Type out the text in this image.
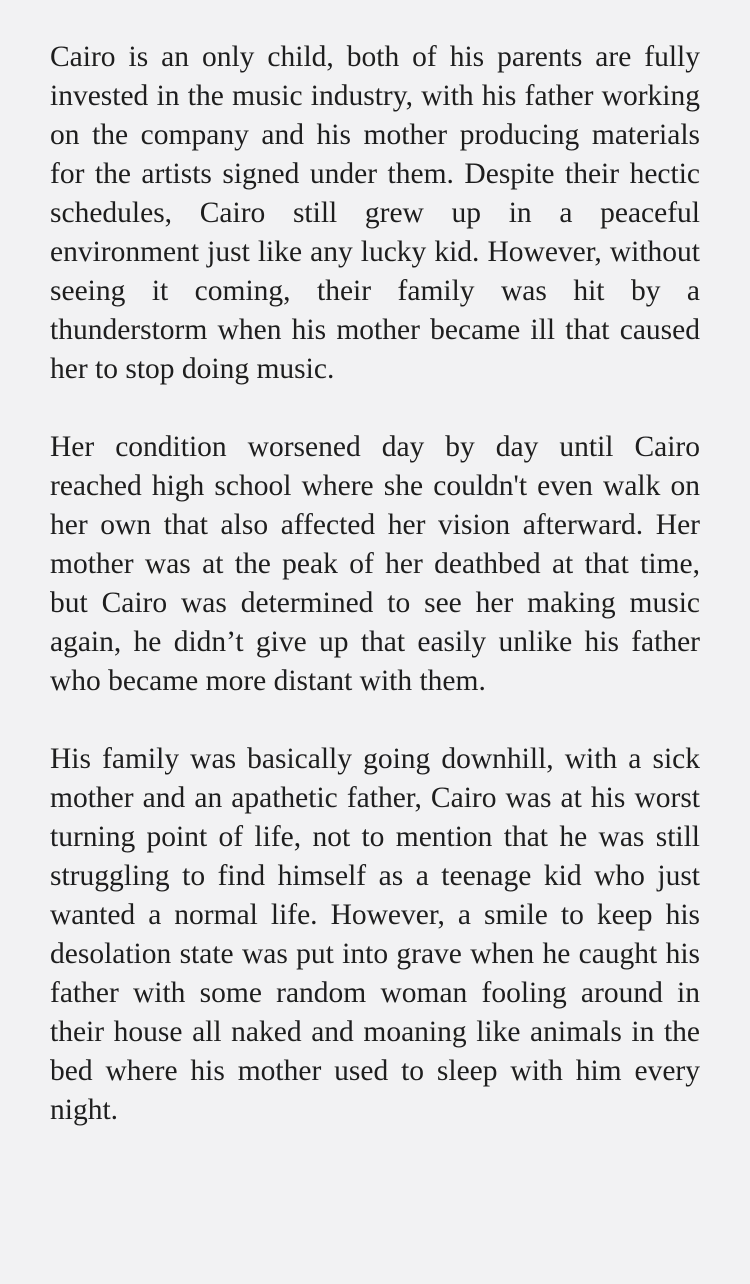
Cairo is an only child, both of his parents are fully invested in the music industry, with his father working on the company and his mother producing materials for the artists signed under them. Despite their hectic schedules, Cairo still grew up in a peaceful environment just like any lucky kid. However, without seeing it coming, their family was hit by a thunderstorm when his mother became ill that caused her to stop doing music.

Her condition worsened day by day until Cairo reached high school where she couldn't even walk on her own that also affected her vision afterward. Her mother was at the peak of her deathbed at that time, but Cairo was determined to see her making music again, he didn’t give up that easily unlike his father who became more distant with them.

His family was basically going downhill, with a sick mother and an apathetic father, Cairo was at his worst turning point of life, not to mention that he was still struggling to find himself as a teenage kid who just wanted a normal life. However, a smile to keep his desolation state was put into grave when he caught his father with some random woman fooling around in their house all naked and moaning like animals in the bed where his mother used to sleep with him every night.
